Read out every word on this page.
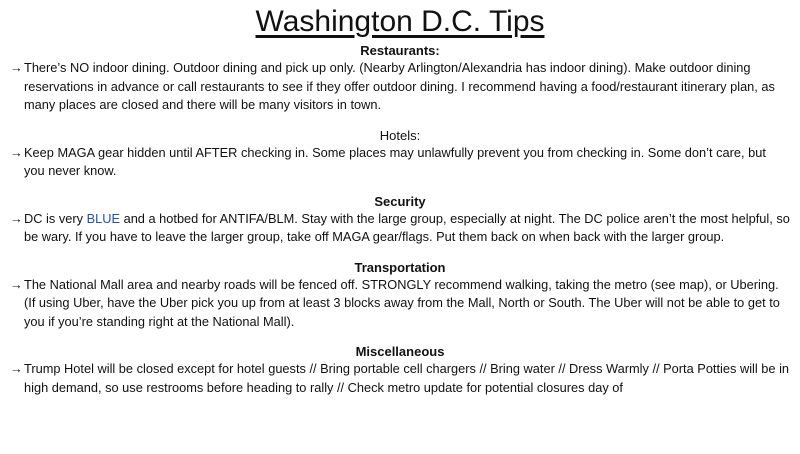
Washington D.C. Tips

Restaurants:

→There’s NO indoor dining. Outdoor dining and pick up only. (Nearby Arlington/Alexandria has indoor dining). Make outdoor dining reservations in advance or call restaurants to see if they offer outdoor dining. I recommend having a food/restaurant itinerary plan, as many places are closed and there will be many visitors in town.

Hotels:

→Keep MAGA gear hidden until AFTER checking in. Some places may unlawfully prevent you from checking in. Some don’t care, but you never know.

Security

→DC is very BLUE and a hotbed for ANTIFA/BLM. Stay with the large group, especially at night. The DC police aren’t the most helpful, so be wary. If you have to leave the larger group, take off MAGA gear/flags. Put them back on when back with the larger group.

Transportation

→The National Mall area and nearby roads will be fenced off. STRONGLY recommend walking, taking the metro (see map), or Ubering. (If using Uber, have the Uber pick you up from at least 3 blocks away from the Mall, North or South. The Uber will not be able to get to you if you’re standing right at the National Mall).

Miscellaneous

→Trump Hotel will be closed except for hotel guests // Bring portable cell chargers // Bring water // Dress Warmly // Porta Potties will be in high demand, so use restrooms before heading to rally // Check metro update for potential closures day of
